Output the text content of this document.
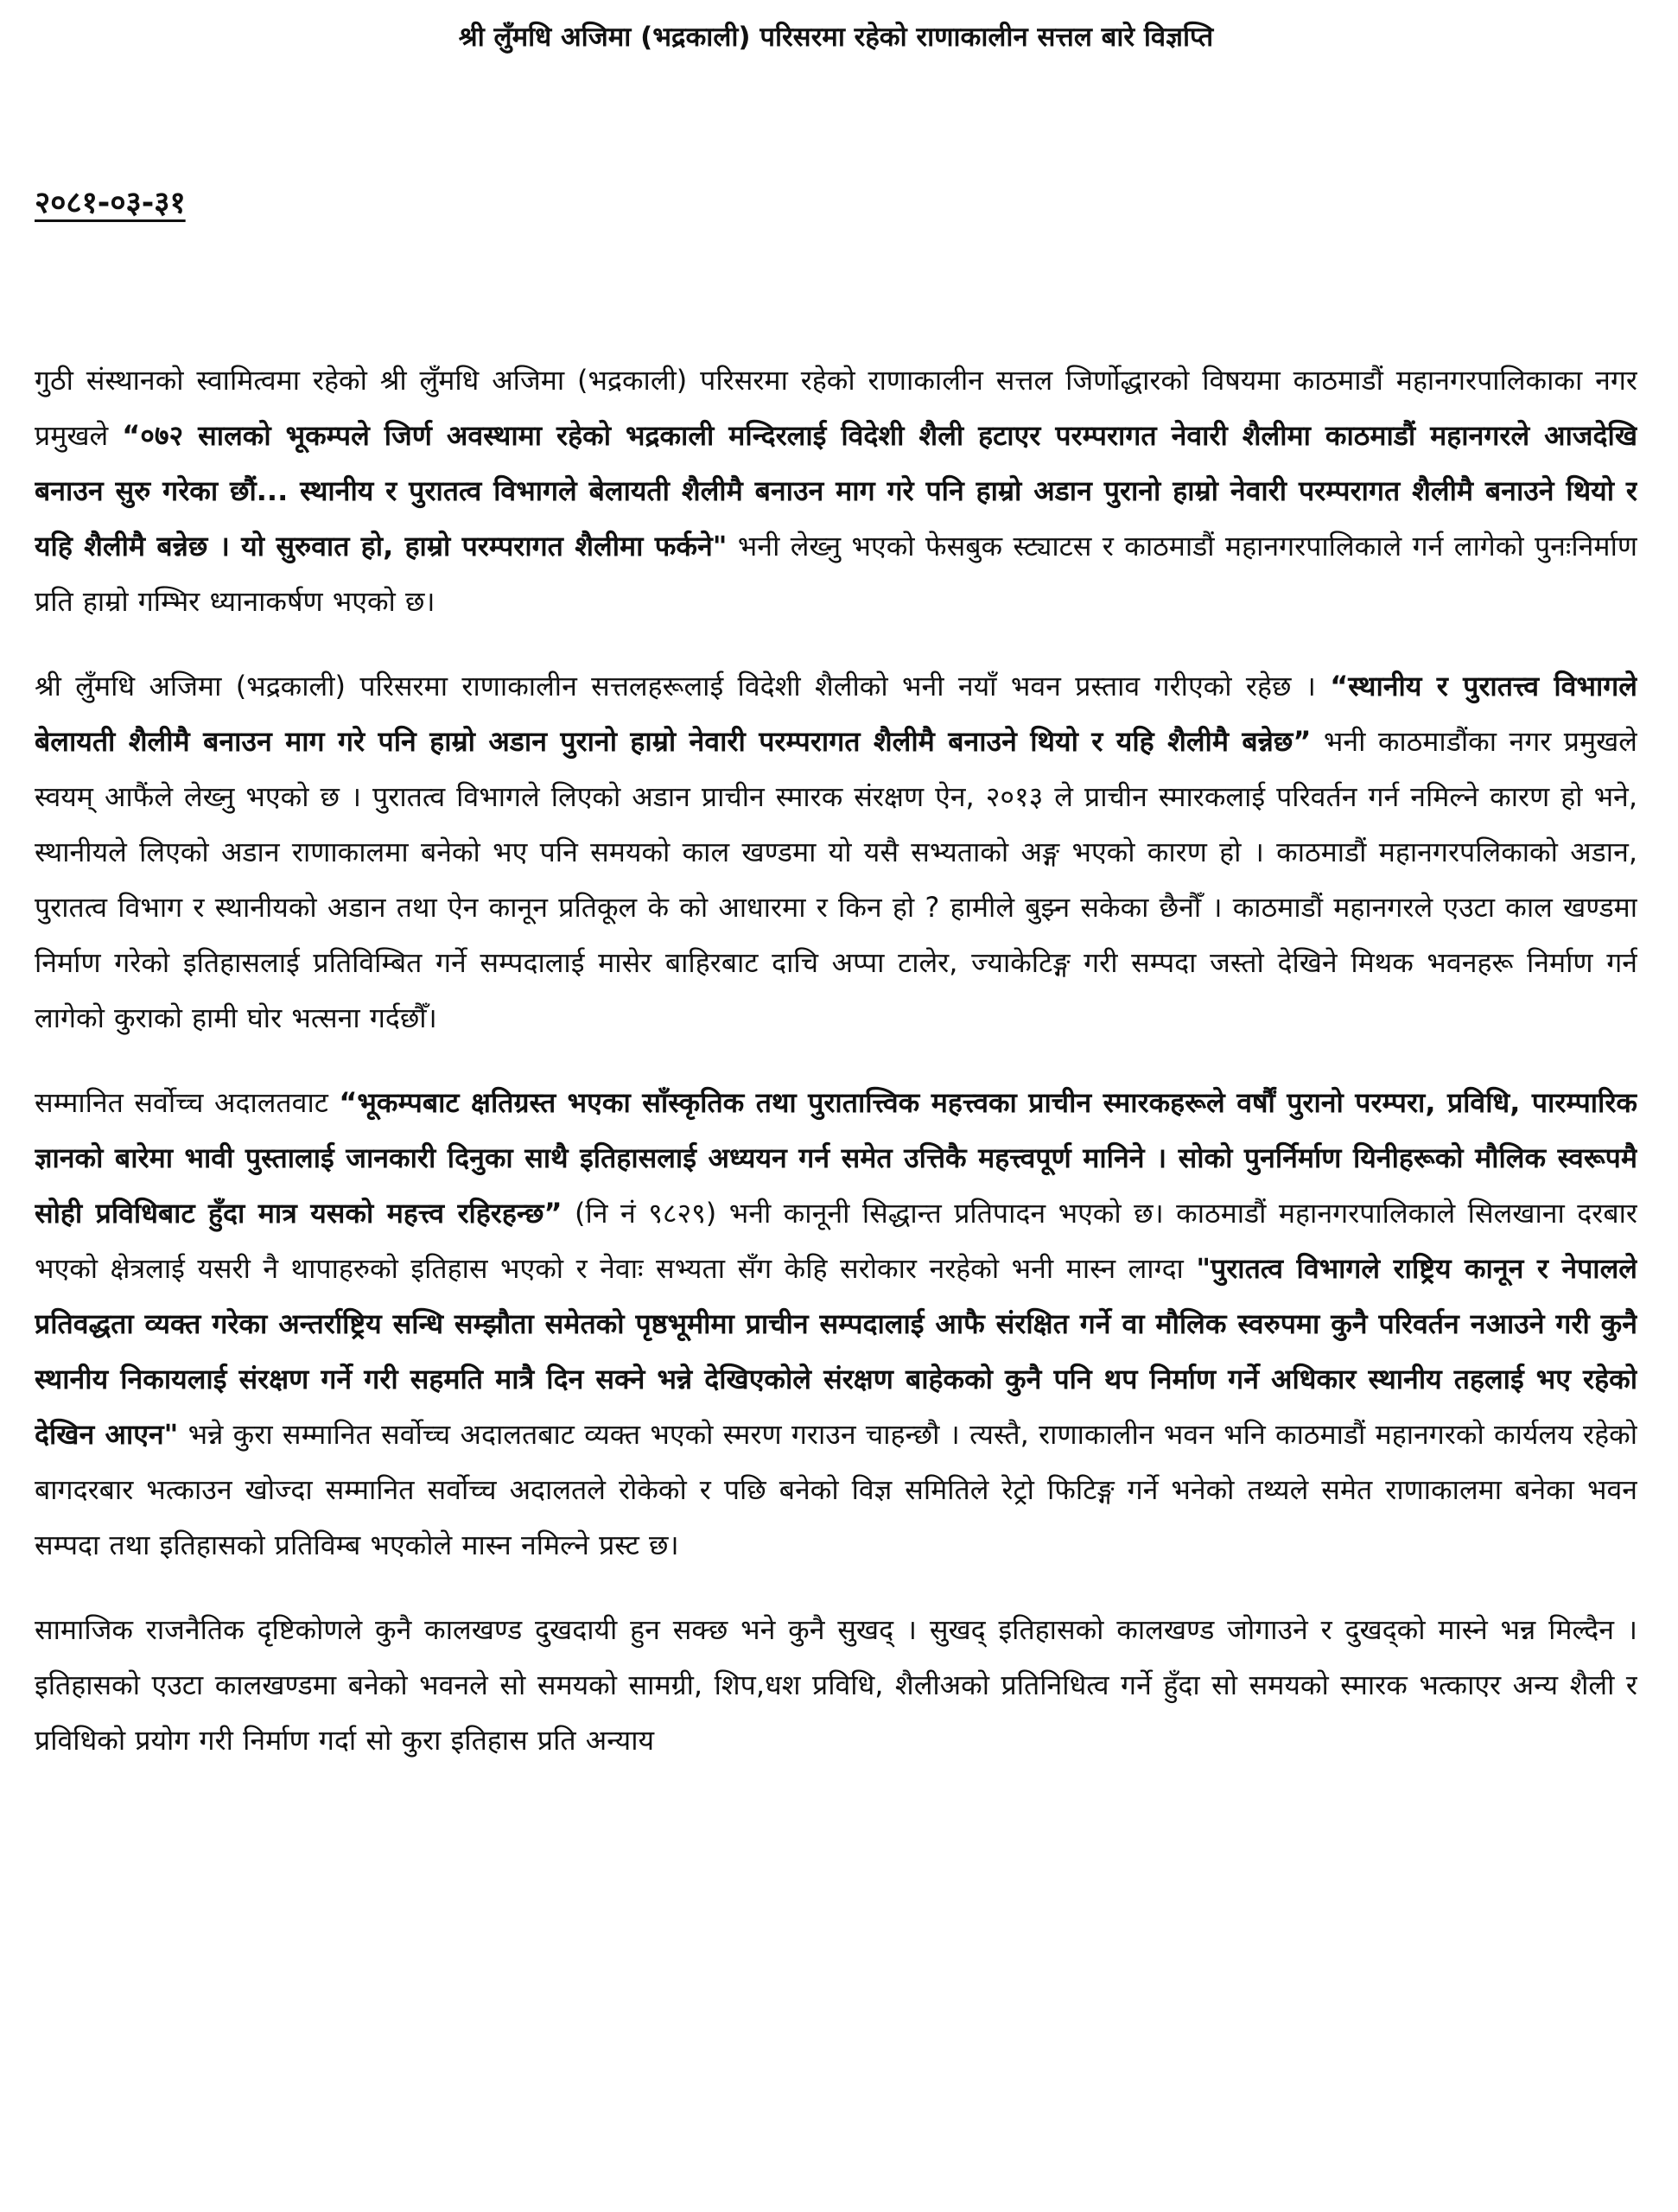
श्री लुँमधि अजिमा (भद्रकाली) परिसरमा रहेको राणाकालीन सत्तल बारे विज्ञप्ति
२०८१-०३-३१

गुठी संस्थानको स्वामित्वमा रहेको श्री लुँमधि अजिमा (भद्रकाली) परिसरमा रहेको राणाकालीन सत्तल जिर्णोद्धारको विषयमा काठमाडौं महानगरपालिकाका नगर प्रमुखले “०७२ सालको भूकम्पले जिर्ण अवस्थामा रहेको भद्रकाली मन्दिरलाई विदेशी शैली हटाएर परम्परागत नेवारी शैलीमा काठमाडौं महानगरले आजदेखि बनाउन सुरु गरेका छौं... स्थानीय र पुरातत्व विभागले बेलायती शैलीमै बनाउन माग गरे पनि हाम्रो अडान पुरानो हाम्रो नेवारी परम्परागत शैलीमै बनाउने थियो र यहि शैलीमै बन्नेछ । यो सुरुवात हो, हाम्रो परम्परागत शैलीमा फर्कने" भनी लेख्नु भएको फेसबुक स्ट्याटस र काठमाडौं महानगरपालिकाले गर्न लागेको पुनःनिर्माण प्रति हाम्रो गम्भिर ध्यानाकर्षण भएको छ।

श्री लुँमधि अजिमा (भद्रकाली) परिसरमा राणाकालीन सत्तलहरूलाई विदेशी शैलीको भनी नयाँ भवन प्रस्ताव गरीएको रहेछ । “स्थानीय र पुरातत्त्व विभागले बेलायती शैलीमै बनाउन माग गरे पनि हाम्रो अडान पुरानो हाम्रो नेवारी परम्परागत शैलीमै बनाउने थियो र यहि शैलीमै बन्नेछ” भनी काठमाडौंका नगर प्रमुखले स्वयम् आफैंले लेख्नु भएको छ । पुरातत्व विभागले लिएको अडान प्राचीन स्मारक संरक्षण ऐन, २०१३ ले प्राचीन स्मारकलाई परिवर्तन गर्न नमिल्ने कारण हो भने, स्थानीयले लिएको अडान राणाकालमा बनेको भए पनि समयको काल खण्डमा यो यसै सभ्यताको अङ्ग भएको कारण हो । काठमाडौं महानगरपलिकाको अडान, पुरातत्व विभाग र स्थानीयको अडान तथा ऐन कानून प्रतिकूल के को आधारमा र किन हो ? हामीले बुझ्न सकेका छैनौँ । काठमाडौं महानगरले एउटा काल खण्डमा निर्माण गरेको इतिहासलाई प्रतिविम्बित गर्ने सम्पदालाई मासेर बाहिरबाट दाचि अप्पा टालेर, ज्याकेटिङ्ग गरी सम्पदा जस्तो देखिने मिथक भवनहरू निर्माण गर्न लागेको कुराको हामी घोर भत्सना गर्दछौँ।

सम्मानित सर्वोच्च अदालतवाट “भूकम्पबाट क्षतिग्रस्त भएका साँस्कृतिक तथा पुरातात्त्विक महत्त्वका प्राचीन स्मारकहरूले वर्षौं पुरानो परम्परा, प्रविधि, पारम्पारिक ज्ञानको बारेमा भावी पुस्तालाई जानकारी दिनुका साथै इतिहासलाई अध्ययन गर्न समेत उत्तिकै महत्त्वपूर्ण मानिने । सोको पुनर्निर्माण यिनीहरूको मौलिक स्वरूपमै सोही प्रविधिबाट हुँदा मात्र यसको महत्त्व रहिरहन्छ” (नि नं ९८२९) भनी कानूनी सिद्धान्त प्रतिपादन भएको छ। काठमाडौं महानगरपालिकाले सिलखाना दरबार भएको क्षेत्रलाई यसरी नै थापाहरुको इतिहास भएको र नेवाः सभ्यता सँग केहि सरोकार नरहेको भनी मास्न लाग्दा "पुरातत्व विभागले राष्ट्रिय कानून र नेपालले प्रतिवद्धता व्यक्त गरेका अन्तर्राष्ट्रिय सन्धि सम्झौता समेतको पृष्ठभूमीमा प्राचीन सम्पदालाई आफै संरक्षित गर्ने वा मौलिक स्वरुपमा कुनै परिवर्तन नआउने गरी कुनै स्थानीय निकायलाई संरक्षण गर्ने गरी सहमति मात्रै दिन सक्ने भन्ने देखिएकोले संरक्षण बाहेकको कुनै पनि थप निर्माण गर्ने अधिकार स्थानीय तहलाई भए रहेको देखिन आएन" भन्ने कुरा सम्मानित सर्वोच्च अदालतबाट व्यक्त भएको स्मरण गराउन चाहन्छौ । त्यस्तै, राणाकालीन भवन भनि काठमाडौं महानगरको कार्यलय रहेको बागदरबार भत्काउन खोज्दा सम्मानित सर्वोच्च अदालतले रोकेको र पछि बनेको विज्ञ समितिले रेट्रो फिटिङ्ग गर्ने भनेको तथ्यले समेत राणाकालमा बनेका भवन सम्पदा तथा इतिहासको प्रतिविम्ब भएकोले मास्न नमिल्ने प्रस्ट छ।

सामाजिक राजनैतिक दृष्टिकोणले कुनै कालखण्ड दुखदायी हुन सक्छ भने कुनै सुखद् । सुखद् इतिहासको कालखण्ड जोगाउने र दुखद्को मास्ने भन्न मिल्दैन । इतिहासको एउटा कालखण्डमा बनेको भवनले सो समयको सामग्री, शिप,धश प्रविधि, शैलीअको प्रतिनिधित्व गर्ने हुँदा सो समयको स्मारक भत्काएर अन्य शैली र प्रविधिको प्रयोग गरी निर्माण गर्दा सो कुरा इतिहास प्रति अन्याय
